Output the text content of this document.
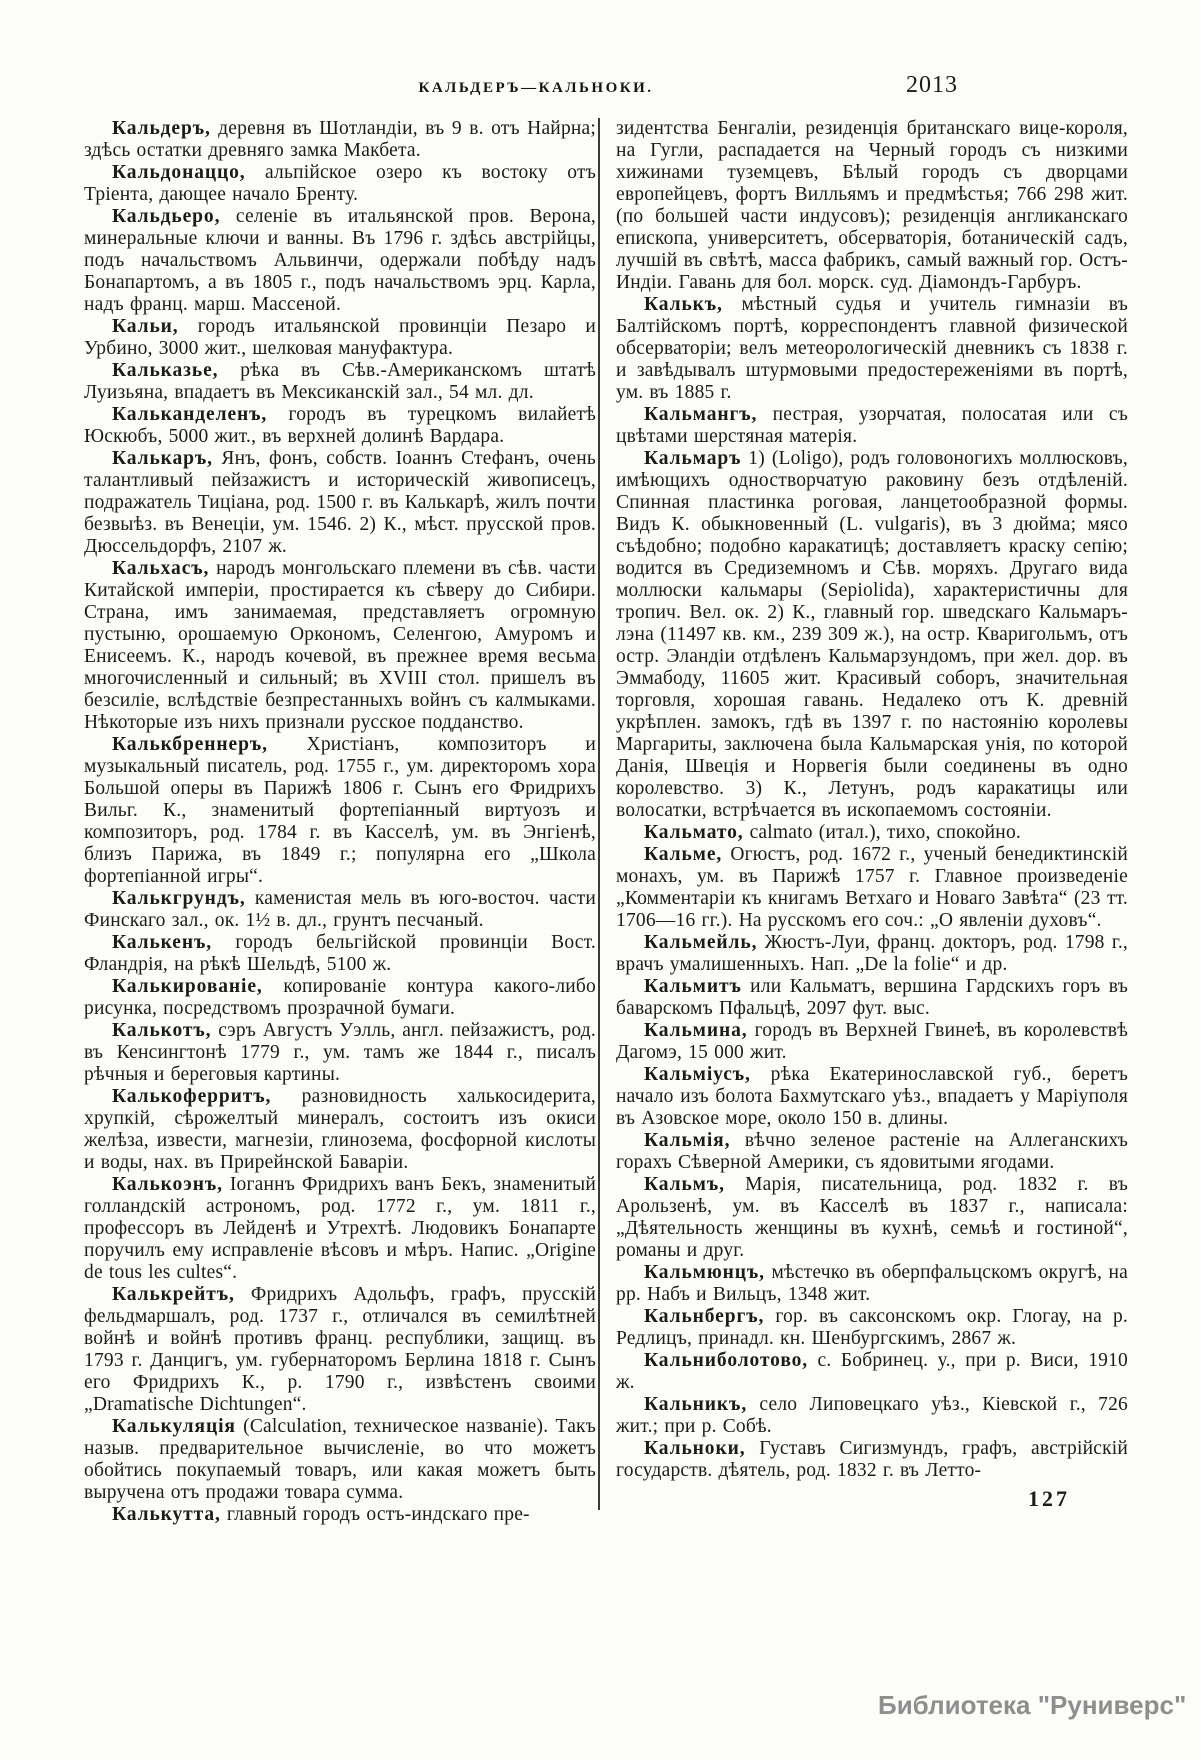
КАЛЬДЕРЪ—КАЛЬНОКИ.	2013

Кальдеръ, деревня въ Шотландіи, въ 9 в. отъ Найрна; здѣсь остатки древняго замка Макбета.

Кальдонаццо, альпійское озеро къ востоку отъ Тріента, дающее начало Бренту.

Кальдьеро, селеніе въ итальянской пров. Верона, минеральные ключи и ванны. Въ 1796 г. здѣсь австрійцы, подъ начальствомъ Альвинчи, одержали побѣду надъ Бонапартомъ, а въ 1805 г., подъ начальствомъ эрц. Карла, надъ франц. марш. Массеной.

Кальи, городъ итальянской провинціи Пезаро и Урбино, 3000 жит., шелковая мануфактура.

Кальказье, рѣка въ Сѣв.-Американскомъ штатѣ Луизьяна, впадаетъ въ Мексиканскій зал., 54 мл. дл.

Кальканделенъ, городъ въ турецкомъ вилайетѣ Юскюбъ, 5000 жит., въ верхней долинѣ Вардара.

Калькаръ, Янъ, фонъ, собств. Іоаннъ Стефанъ, очень талантливый пейзажистъ и историческій живописецъ, подражатель Тиціана, род. 1500 г. въ Калькарѣ, жилъ почти безвыѣз. въ Венеціи, ум. 1546. 2) К., мѣст. прусской пров. Дюссельдорфъ, 2107 ж.

Кальхасъ, народъ монгольскаго племени въ сѣв. части Китайской имперіи, простирается къ сѣверу до Сибири. Страна, имъ занимаемая, представляетъ огромную пустыню, орошаемую Оркономъ, Селенгою, Амуромъ и Енисеемъ. К., народъ кочевой, въ прежнее время весьма многочисленный и сильный; въ XVIII стол. пришелъ въ безсиліе, вслѣдствіе безпрестанныхъ войнъ съ калмыками. Нѣкоторые изъ нихъ признали русское подданство.

Калькбреннеръ, Христіанъ, композиторъ и музыкальный писатель, род. 1755 г., ум. директоромъ хора Большой оперы въ Парижѣ 1806 г. Сынъ его Фридрихъ Вильг. К., знаменитый фортепіанный виртуозъ и композиторъ, род. 1784 г. въ Касселѣ, ум. въ Энгіенѣ, близъ Парижа, въ 1849 г.; популярна его „Школа фортепіанной игры“.

Калькгрундъ, каменистая мель въ юго-восточ. части Финскаго зал., ок. 1½ в. дл., грунтъ песчаный.

Калькенъ, городъ бельгійской провинціи Вост. Фландрія, на рѣкѣ Шельдѣ, 5100 ж.

Калькированіе, копированіе контура какого-либо рисунка, посредствомъ прозрачной бумаги.

Калькотъ, сэръ Августъ Уэлль, англ. пейзажистъ, род. въ Кенсингтонѣ 1779 г., ум. тамъ же 1844 г., писалъ рѣчныя и береговыя картины.

Калькоферритъ, разновидность халькосидерита, хрупкій, сѣрожелтый минералъ, состоитъ изъ окиси желѣза, извести, магнезіи, глинозема, фосфорной кислоты и воды, нах. въ Прирейнской Баваріи.

Калькоэнъ, Іоганнъ Фридрихъ ванъ Бекъ, знаменитый голландскій астрономъ, род. 1772 г., ум. 1811 г., профессоръ въ Лейденѣ и Утрехтѣ. Людовикъ Бонапарте поручилъ ему исправленіе вѣсовъ и мѣръ. Напис. „Origine de tous les cultes“.

Калькрейтъ, Фридрихъ Адольфъ, графъ, прусскій фельдмаршалъ, род. 1737 г., отличался въ семилѣтней войнѣ и войнѣ противъ франц. республики, защищ. въ 1793 г. Данцигъ, ум. губернаторомъ Берлина 1818 г. Сынъ его Фридрихъ К., р. 1790 г., извѣстенъ своими „Dramatische Dichtungen“.

Калькуляція (Calculation, техническое названіе). Такъ назыв. предварительное вычисленіе, во что можетъ обойтись покупаемый товаръ, или какая можетъ быть выручена отъ продажи товара сумма.

Калькутта, главный городъ остъ-индскаго пре-

зидентства Бенгаліи, резиденція британскаго вице-короля, на Гугли, распадается на Черный городъ съ низкими хижинами туземцевъ, Бѣлый городъ съ дворцами европейцевъ, фортъ Вилльямъ и предмѣстья; 766 298 жит. (по большей части индусовъ); резиденція англиканскаго епископа, университетъ, обсерваторія, ботаническій садъ, лучшій въ свѣтѣ, масса фабрикъ, самый важный гор. Остъ-Индіи. Гавань для бол. морск. суд. Діамондъ-Гарбуръ.

Калькъ, мѣстный судья и учитель гимназіи въ Балтійскомъ портѣ, корреспондентъ главной физической обсерваторіи; велъ метеорологическій дневникъ съ 1838 г. и завѣдывалъ штурмовыми предостереженіями въ портѣ, ум. въ 1885 г.

Кальмангъ, пестрая, узорчатая, полосатая или съ цвѣтами шерстяная матерія.

Кальмаръ 1) (Loligo), родъ головоногихъ моллюсковъ, имѣющихъ одностворчатую раковину безъ отдѣленій. Спинная пластинка роговая, ланцетообразной формы. Видъ К. обыкновенный (L. vulgaris), въ 3 дюйма; мясо съѣдобно; подобно каракатицѣ; доставляетъ краску сепію; водится въ Средиземномъ и Сѣв. моряхъ. Другаго вида моллюски кальмары (Sepiolida), характеристичны для тропич. Вел. ок. 2) К., главный гор. шведскаго Кальмаръ-лэна (11497 кв. км., 239 309 ж.), на остр. Кваригольмъ, отъ остр. Эландіи отдѣленъ Кальмарзундомъ, при жел. дор. въ Эммабоду, 11605 жит. Красивый соборъ, значительная торговля, хорошая гавань. Недалеко отъ К. древній укрѣплен. замокъ, гдѣ въ 1397 г. по настоянію королевы Маргариты, заключена была Кальмарская унія, по которой Данія, Швеція и Норвегія были соединены въ одно королевство. 3) К., Летунъ, родъ каракатицы или волосатки, встрѣчается въ ископаемомъ состояніи.

Кальмато, calmato (итал.), тихо, спокойно.

Кальме, Огюстъ, род. 1672 г., ученый бенедиктинскій монахъ, ум. въ Парижѣ 1757 г. Главное произведеніе „Комментаріи къ книгамъ Ветхаго и Новаго Завѣта“ (23 тт. 1706—16 гг.). На русскомъ его соч.: „О явленіи духовъ“.

Кальмейль, Жюстъ-Луи, франц. докторъ, род. 1798 г., врачъ умалишенныхъ. Нап. „De la folie“ и др.

Кальмитъ или Кальматъ, вершина Гардскихъ горъ въ баварскомъ Пфальцѣ, 2097 фут. выс.

Кальмина, городъ въ Верхней Гвинеѣ, въ королевствѣ Дагомэ, 15 000 жит.

Кальміусъ, рѣка Екатеринославской губ., беретъ начало изъ болота Бахмутскаго уѣз., впадаетъ у Маріуполя въ Азовское море, около 150 в. длины.

Кальмія, вѣчно зеленое растеніе на Аллеганскихъ горахъ Сѣверной Америки, съ ядовитыми ягодами.

Кальмъ, Марія, писательница, род. 1832 г. въ Арользенѣ, ум. въ Касселѣ въ 1837 г., написала: „Дѣятельность женщины въ кухнѣ, семьѣ и гостиной“, романы и друг.

Кальмюнцъ, мѣстечко въ оберпфальцскомъ округѣ, на рр. Набъ и Вильцъ, 1348 жит.

Кальнбергъ, гор. въ саксонскомъ окр. Глогау, на р. Редлицъ, принадл. кн. Шенбургскимъ, 2867 ж.

Кальниболотово, с. Бобринец. у., при р. Виси, 1910 ж.

Кальникъ, село Липовецкаго уѣз., Кіевской г., 726 жит.; при р. Собѣ.

Кальноки, Густавъ Сигизмундъ, графъ, австрійскій государств. дѣятель, род. 1832 г. въ Летто-

127
Библиотека "Руниверс"
